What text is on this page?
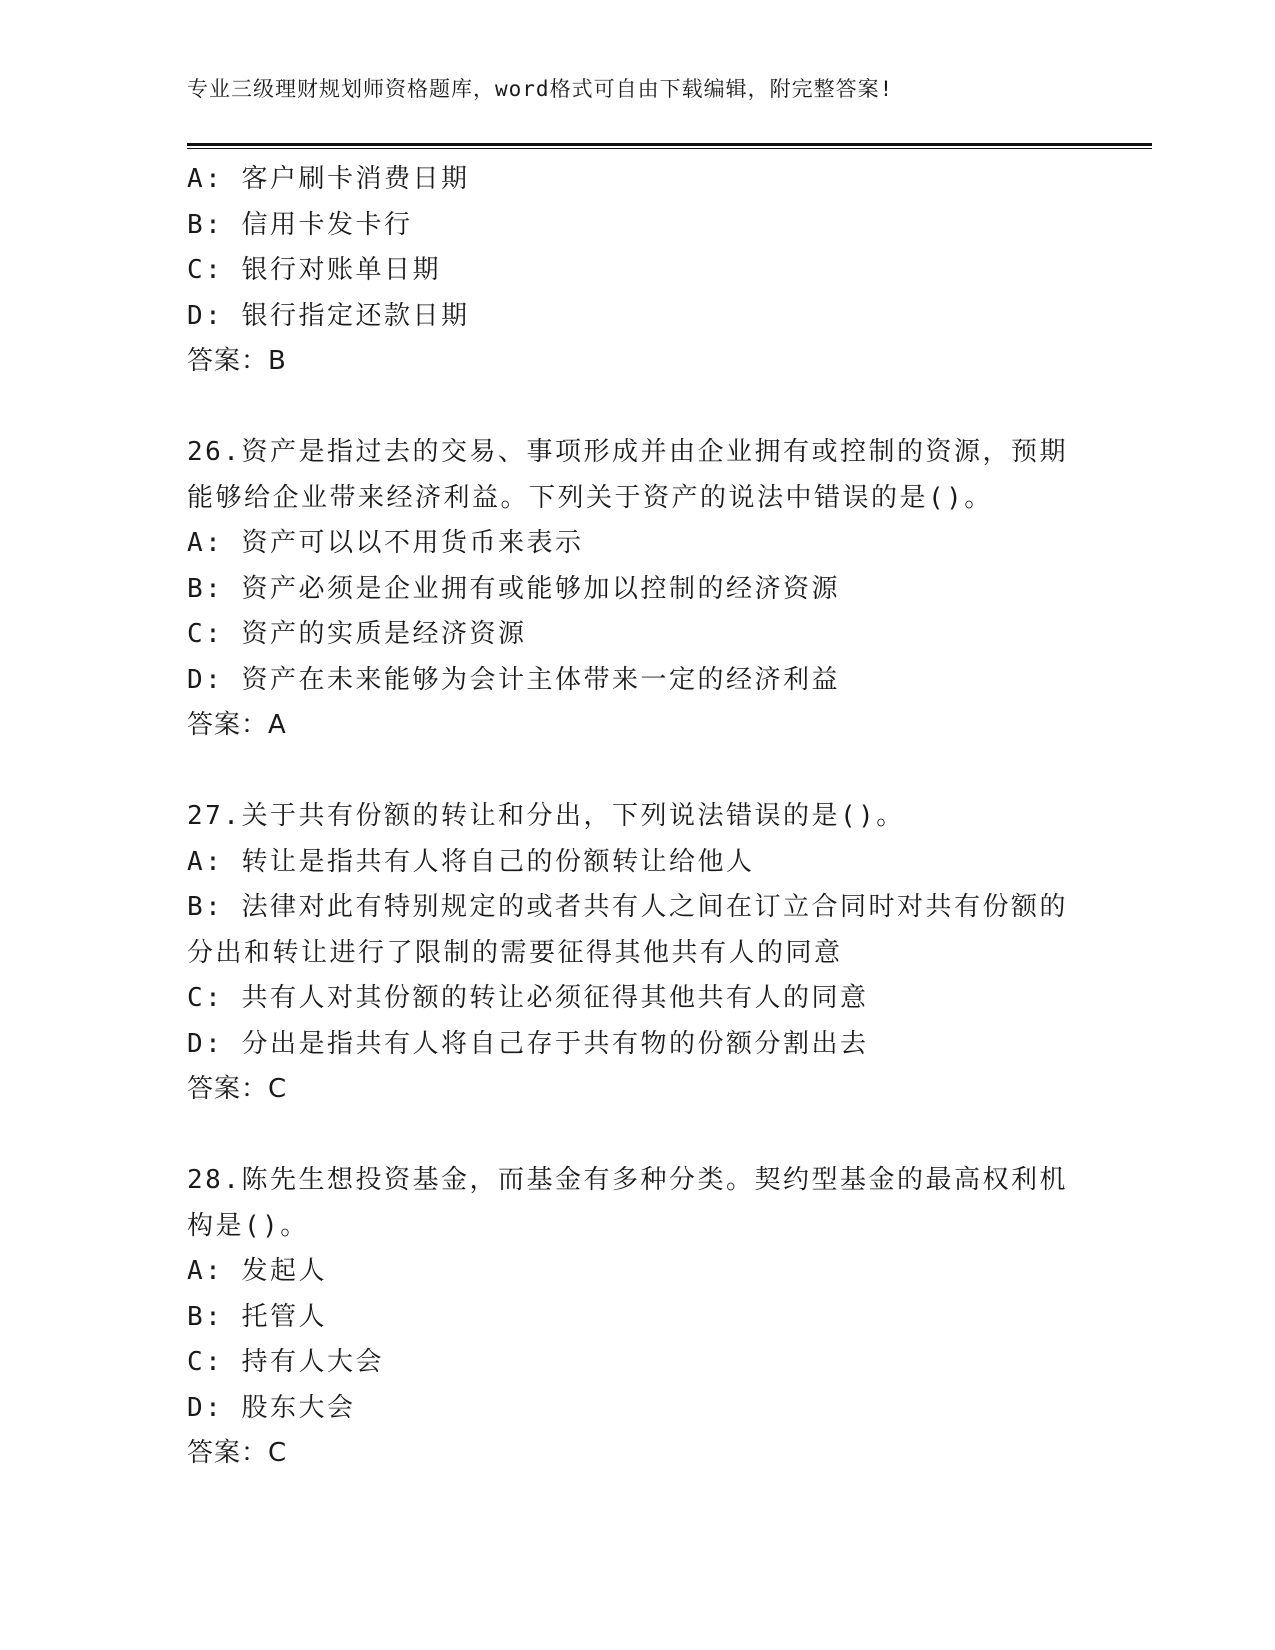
专业三级理财规划师资格题库，word格式可自由下载编辑，附完整答案!
A: 客户刷卡消费日期
B: 信用卡发卡行
C: 银行对账单日期
D: 银行指定还款日期
答案：B
26.资产是指过去的交易、事项形成并由企业拥有或控制的资源，预期
能够给企业带来经济利益。下列关于资产的说法中错误的是()。
A: 资产可以以不用货币来表示
B: 资产必须是企业拥有或能够加以控制的经济资源
C: 资产的实质是经济资源
D: 资产在未来能够为会计主体带来一定的经济利益
答案：A
27.关于共有份额的转让和分出，下列说法错误的是()。
A: 转让是指共有人将自己的份额转让给他人
B: 法律对此有特别规定的或者共有人之间在订立合同时对共有份额的
分出和转让进行了限制的需要征得其他共有人的同意
C: 共有人对其份额的转让必须征得其他共有人的同意
D: 分出是指共有人将自己存于共有物的份额分割出去
答案：C
28.陈先生想投资基金，而基金有多种分类。契约型基金的最高权利机
构是()。
A: 发起人
B: 托管人
C: 持有人大会
D: 股东大会
答案：C
